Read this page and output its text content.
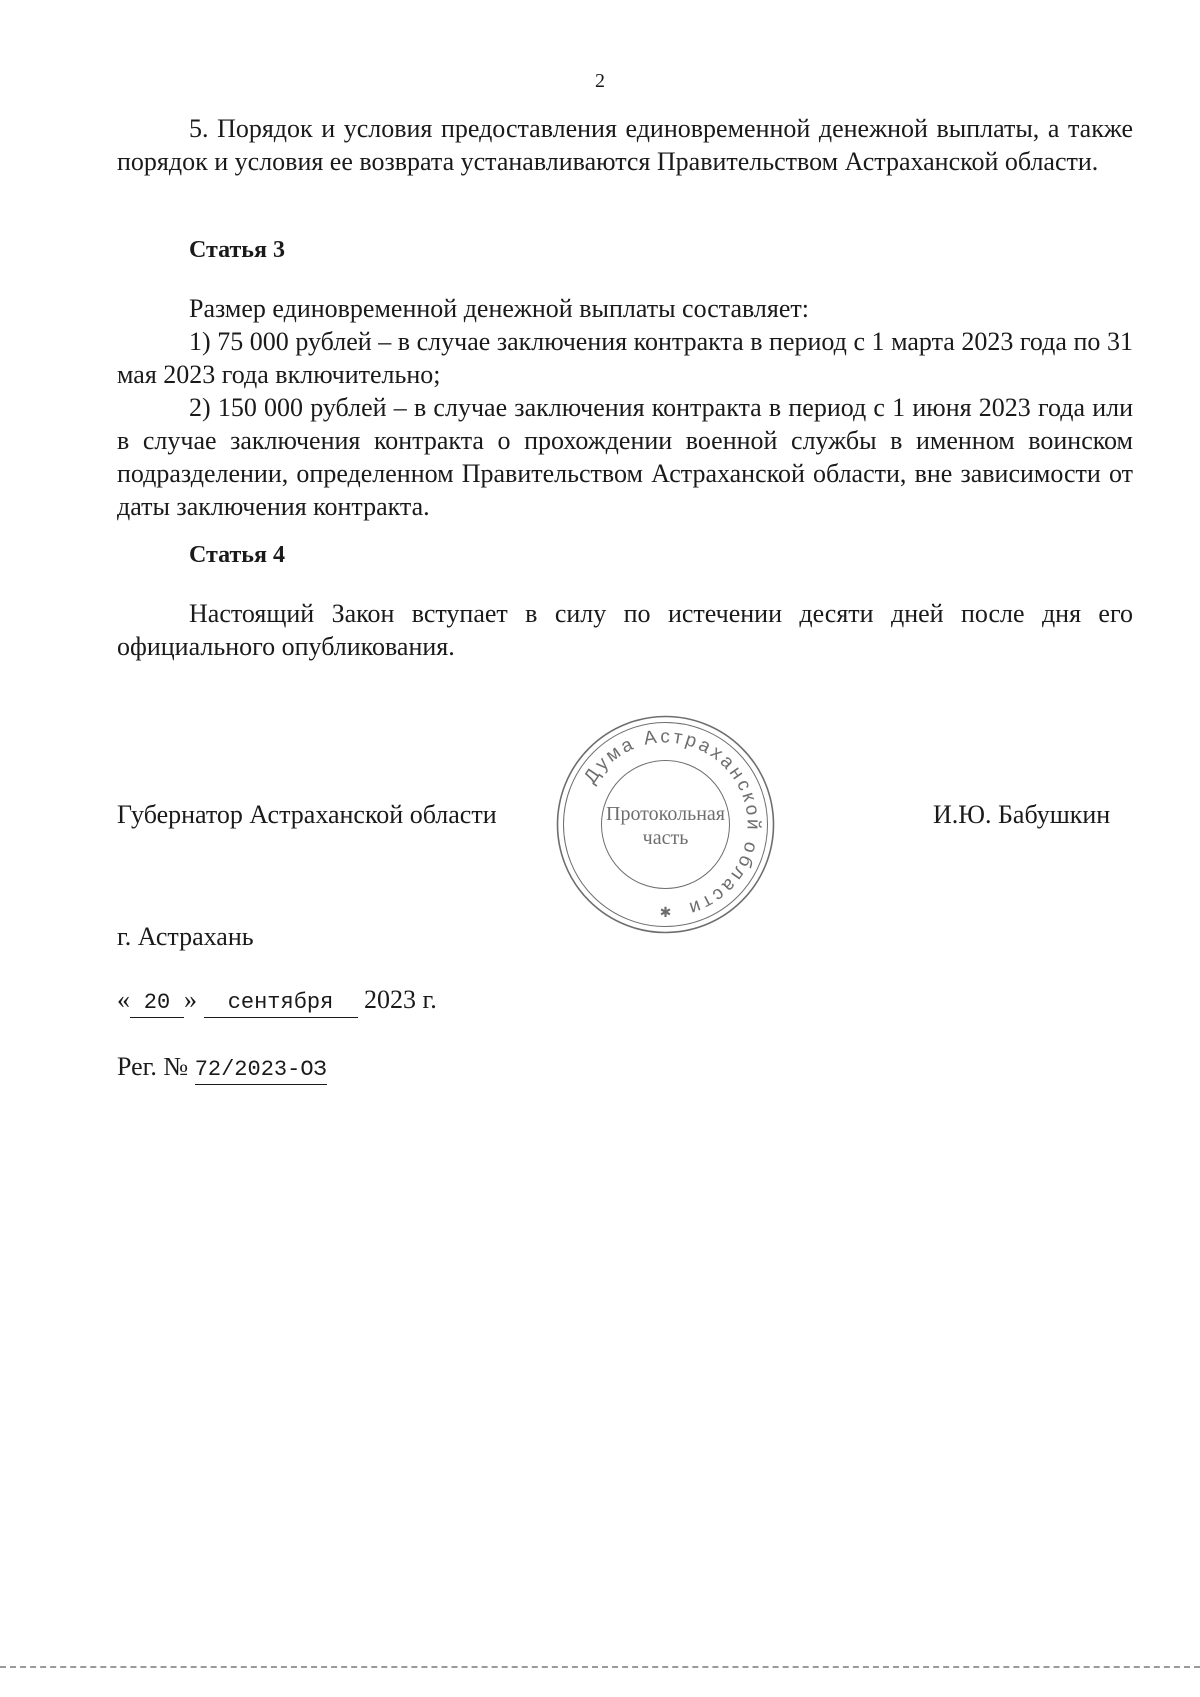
2

5. Порядок и условия предоставления единовременной денежной выплаты, а также порядок и условия ее возврата устанавливаются Правительством Астраханской области.

Статья 3

Размер единовременной денежной выплаты составляет:

1) 75 000 рублей – в случае заключения контракта в период с 1 марта 2023 года по 31 мая 2023 года включительно;

2) 150 000 рублей – в случае заключения контракта в период с 1 июня 2023 года или в случае заключения контракта о прохождении военной службы в именном воинском подразделении, определенном Правительством Астраханской области, вне зависимости от даты заключения контракта.

Статья 4

Настоящий Закон вступает в силу по истечении десяти дней после дня его официального опубликования.

Губернатор Астраханской области
Дума Астраханской области
Протокольная
часть
✱
И.Ю. Бабушкин
г. Астрахань
« 20 » сентября 2023 г.
Рег. № 72/2023-ОЗ
